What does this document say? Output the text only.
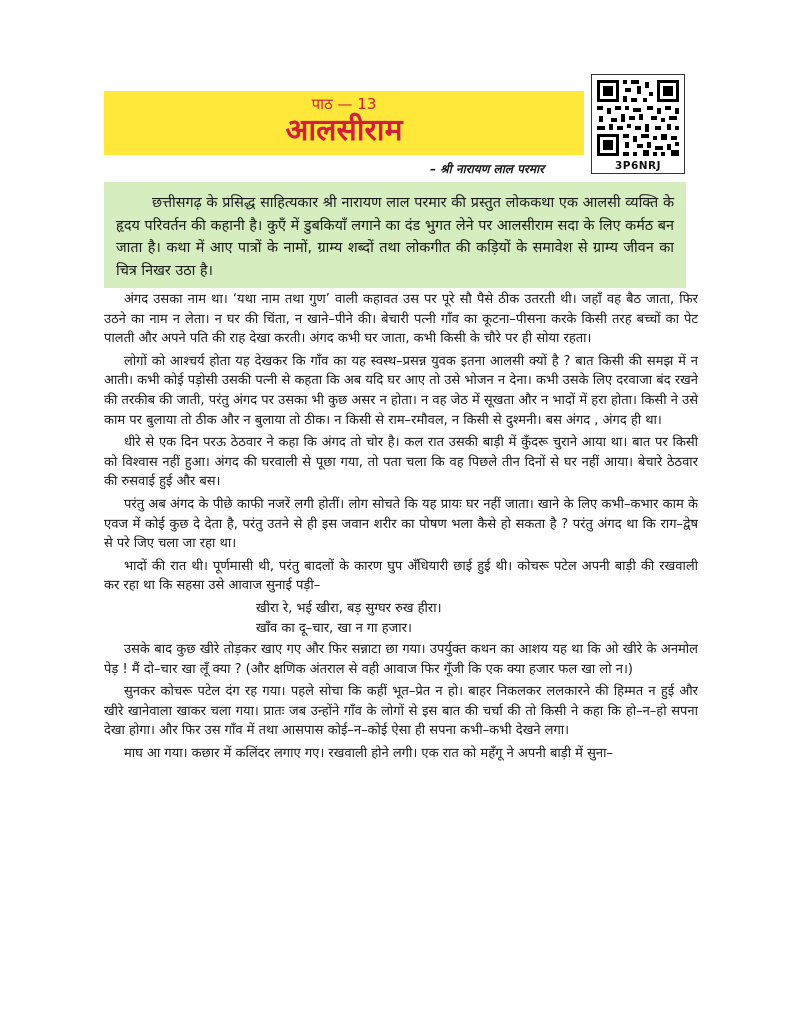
पाठ — 13
आलसीराम
3P6NRJ
– श्री नारायण लाल परमार

छत्तीसगढ़ के प्रसिद्ध साहित्यकार श्री नारायण लाल परमार की प्रस्तुत लोककथा एक आलसी व्यक्ति के हृदय परिवर्तन की कहानी है। कुएँ में डुबकियाँ लगाने का दंड भुगत लेने पर आलसीराम सदा के लिए कर्मठ बन जाता है। कथा में आए पात्रों के नामों, ग्राम्य शब्दों तथा लोकगीत की कड़ियों के समावेश से ग्राम्य जीवन का चित्र निखर उठा है।

अंगद उसका नाम था। ‘यथा नाम तथा गुण’ वाली कहावत उस पर पूरे सौ पैसे ठीक उतरती थी। जहाँ वह बैठ जाता, फिर उठने का नाम न लेता। न घर की चिंता, न खाने–पीने की। बेचारी पत्नी गाँव का कूटना–पीसना करके किसी तरह बच्चों का पेट पालती और अपने पति की राह देखा करती। अंगद कभी घर जाता, कभी किसी के चौरे पर ही सोया रहता।

लोगों को आश्चर्य होता यह देखकर कि गाँव का यह स्वस्थ–प्रसन्न युवक इतना आलसी क्यों है ? बात किसी की समझ में न आती। कभी कोई पड़ोसी उसकी पत्नी से कहता कि अब यदि घर आए तो उसे भोजन न देना। कभी उसके लिए दरवाजा बंद रखने की तरकीब की जाती, परंतु अंगद पर उसका भी कुछ असर न होता। न वह जेठ में सूखता और न भादों में हरा होता। किसी ने उसे काम पर बुलाया तो ठीक और न बुलाया तो ठीक। न किसी से राम–रमौवल, न किसी से दुश्मनी। बस अंगद , अंगद ही था।

धीरे से एक दिन परऊ ठेठवार ने कहा कि अंगद तो चोर है। कल रात उसकी बाड़ी में कुँदरू चुराने आया था। बात पर किसी को विश्वास नहीं हुआ। अंगद की घरवाली से पूछा गया, तो पता चला कि वह पिछले तीन दिनों से घर नहीं आया। बेचारे ठेठवार की रुसवाई हुई और बस।

परंतु अब अंगद के पीछे काफी नजरें लगी होतीं। लोग सोचते कि यह प्रायः घर नहीं जाता। खाने के लिए कभी–कभार काम के एवज में कोई कुछ दे देता है, परंतु उतने से ही इस जवान शरीर का पोषण भला कैसे हो सकता है ? परंतु अंगद था कि राग–द्वेष से परे जिए चला जा रहा था।

भादों की रात थी। पूर्णमासी थी, परंतु बादलों के कारण घुप अँधियारी छाई हुई थी। कोचरू पटेल अपनी बाड़ी की रखवाली कर रहा था कि सहसा उसे आवाज सुनाई पड़ी–

खीरा रे, भई खीरा, बड़ सुग्घर रुख हीरा।

खाँव का दू–चार, खा न गा हजार।

उसके बाद कुछ खीरे तोड़कर खाए गए और फिर सन्नाटा छा गया। उपर्युक्त कथन का आशय यह था कि ओ खीरे के अनमोल पेड़ ! मैं दो–चार खा लूँ क्या ? (और क्षणिक अंतराल से वही आवाज फिर गूँजी कि एक क्या हजार फल खा लो न।)

सुनकर कोचरू पटेल दंग रह गया। पहले सोचा कि कहीं भूत–प्रेत न हो। बाहर निकलकर ललकारने की हिम्मत न हुई और खीरे खानेवाला खाकर चला गया। प्रातः जब उन्होंने गाँव के लोगों से इस बात की चर्चा की तो किसी ने कहा कि हो–न–हो सपना देखा होगा। और फिर उस गाँव में तथा आसपास कोई–न–कोई ऐसा ही सपना कभी–कभी देखने लगा।

माघ आ गया। कछार में कलिंदर लगाए गए। रखवाली होने लगी। एक रात को महँगू ने अपनी बाड़ी में सुना–
